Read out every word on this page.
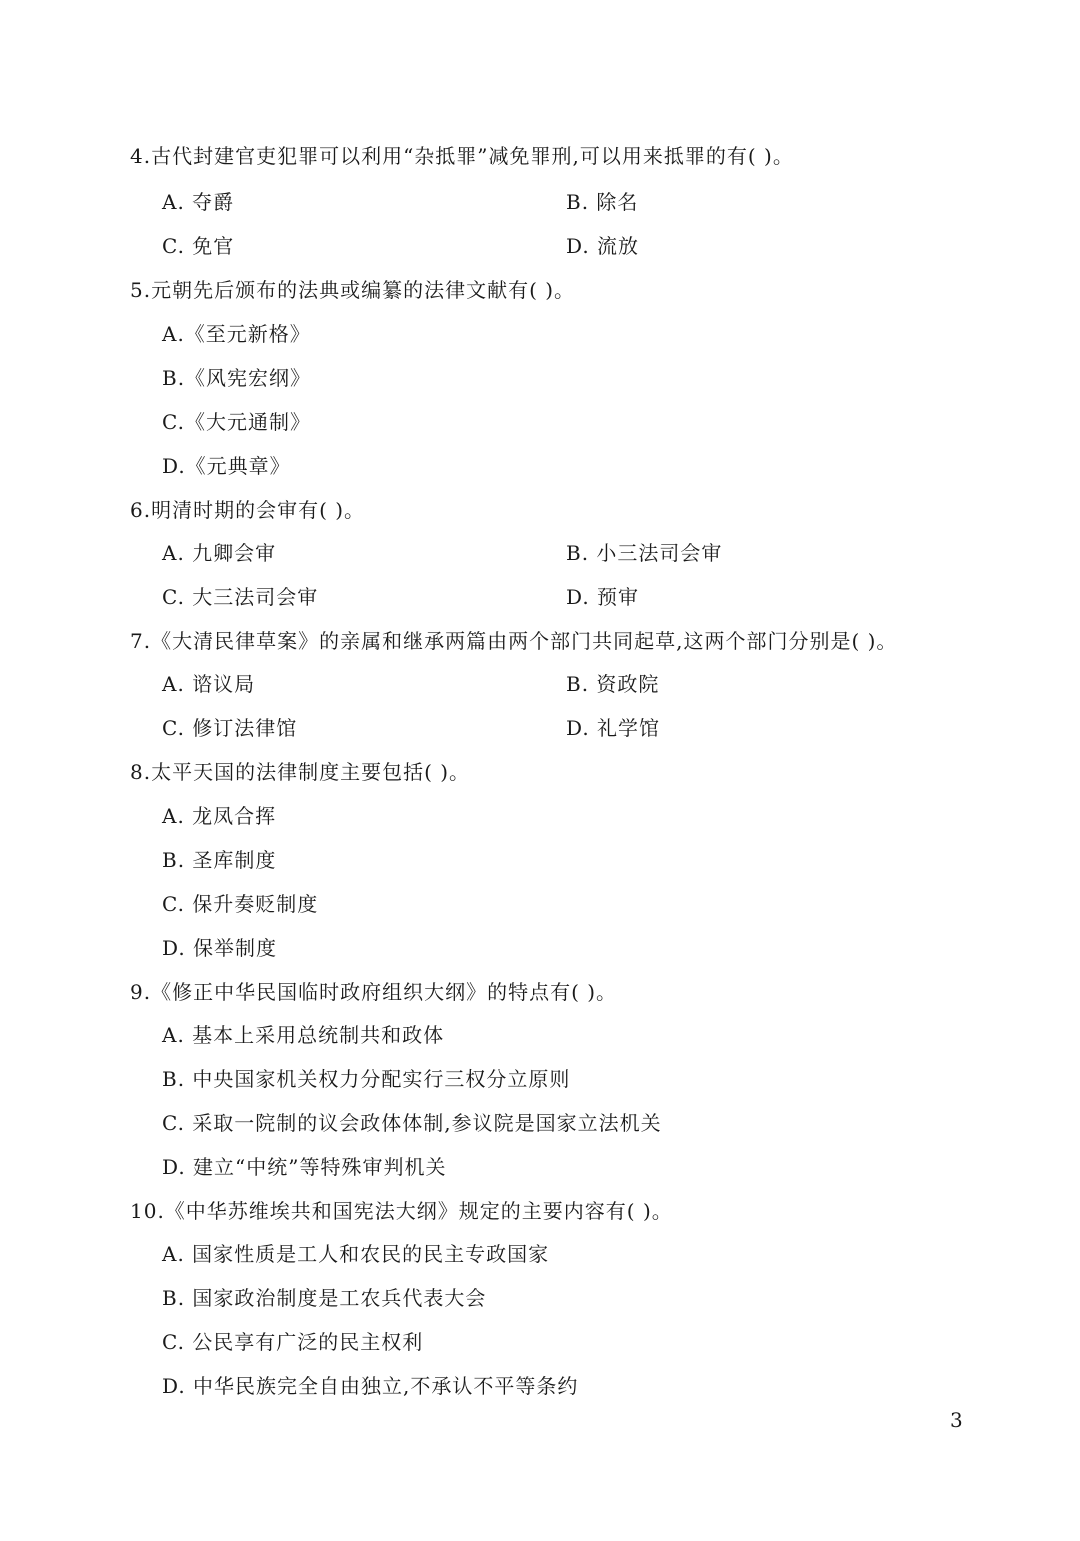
4.古代封建官吏犯罪可以利用“杂抵罪”减免罪刑,可以用来抵罪的有( )。
A. 夺爵	B. 除名
C. 免官	D. 流放
5.元朝先后颁布的法典或编纂的法律文献有( )。
A.《至元新格》
B.《风宪宏纲》
C.《大元通制》
D.《元典章》
6.明清时期的会审有( )。
A. 九卿会审	B. 小三法司会审
C. 大三法司会审	D. 预审
7.《大清民律草案》的亲属和继承两篇由两个部门共同起草,这两个部门分别是( )。
A. 谘议局	B. 资政院
C. 修订法律馆	D. 礼学馆
8.太平天国的法律制度主要包括( )。
A. 龙凤合挥
B. 圣库制度
C. 保升奏贬制度
D. 保举制度
9.《修正中华民国临时政府组织大纲》的特点有( )。
A. 基本上采用总统制共和政体
B. 中央国家机关权力分配实行三权分立原则
C. 采取一院制的议会政体体制,参议院是国家立法机关
D. 建立“中统”等特殊审判机关
10.《中华苏维埃共和国宪法大纲》规定的主要内容有( )。
A. 国家性质是工人和农民的民主专政国家
B. 国家政治制度是工农兵代表大会
C. 公民享有广泛的民主权利
D. 中华民族完全自由独立,不承认不平等条约
3
